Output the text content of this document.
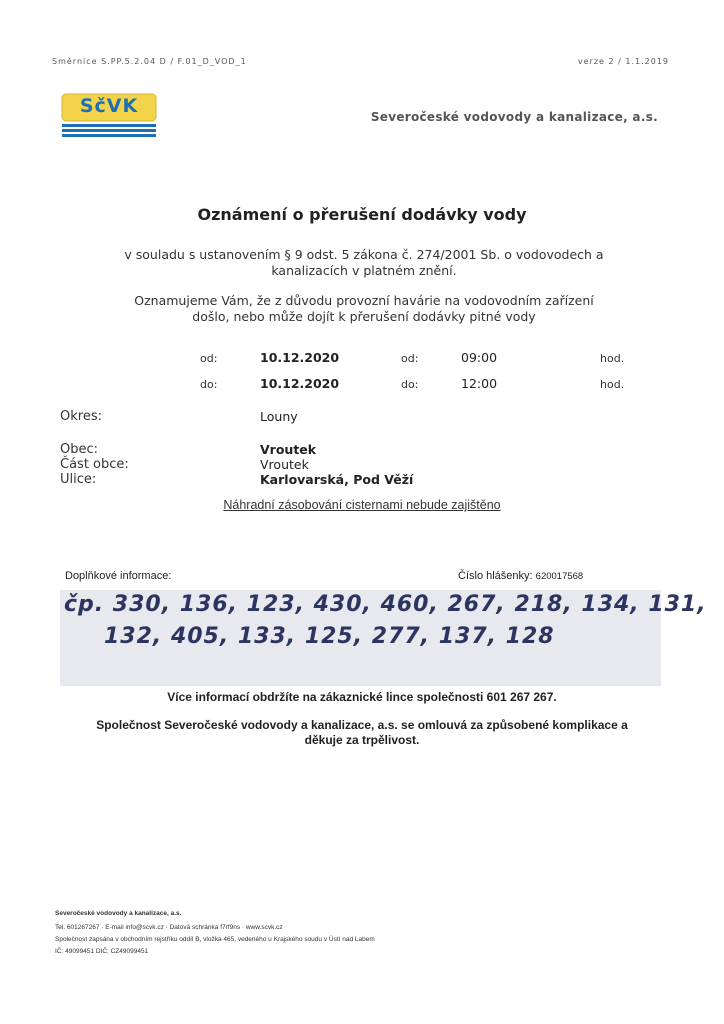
Směrnice S.PP.5.2.04 D / F.01_D_VOD_1	verze 2 / 1.1.2019
SčVK	Severočeské vodovody a kanalizace, a.s.
Oznámení o přerušení dodávky vody
v souladu s ustanovením § 9 odst. 5 zákona č. 274/2001 Sb. o vodovodech a
kanalizacích v platném znění.
Oznamujeme Vám, že z důvodu provozní havárie na vodovodním zařízení
došlo, nebo může dojít k přerušení dodávky pitné vody
od:	10.12.2020	od:	09:00	hod.
do:	10.12.2020	do:	12:00	hod.
Okres:	Louny
Obec:	Vroutek
Část obce:	Vroutek
Ulice:	Karlovarská, Pod Věží
Náhradní zásobování cisternami nebude zajištěno
Doplňkové informace:	Číslo hlášenky: 620017568
čp. 330, 136, 123, 430, 460, 267, 218, 134, 131,
132, 405, 133, 125, 277, 137, 128
Více informací obdržíte na zákaznické lince společnosti 601 267 267.
Společnost Severočeské vodovody a kanalizace, a.s. se omlouvá za způsobené komplikace a
děkuje za trpělivost.
Severočeské vodovody a kanalizace, a.s.
Tel. 601267267 · E-mail info@scvk.cz · Datová schránka f7rf9ns · www.scvk.cz
Společnost zapsána v obchodním rejstříku oddíl B, vložka 465, vedeného u Krajského soudu v Ústí nad Labem
IČ: 49099451 DIČ: CZ49099451
